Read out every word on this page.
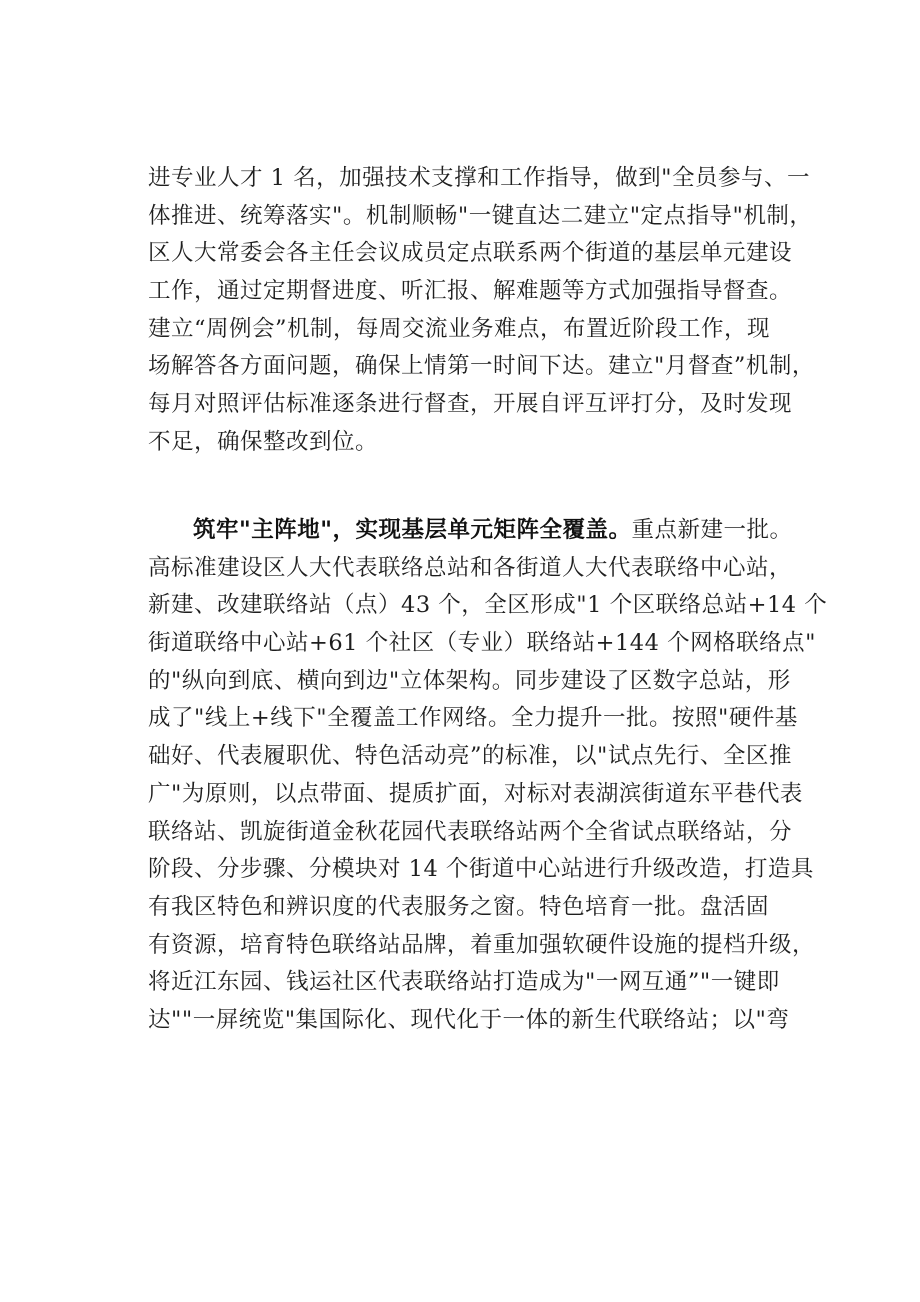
进专业人才 1 名，加强技术支撑和工作指导，做到"全员参与、一
体推进、统筹落实"。机制顺畅"一键直达二建立"定点指导"机制，
区人大常委会各主任会议成员定点联系两个街道的基层单元建设
工作，通过定期督进度、听汇报、解难题等方式加强指导督查。
建立“周例会”机制，每周交流业务难点，布置近阶段工作，现
场解答各方面问题，确保上情第一时间下达。建立"月督查”机制，
每月对照评估标准逐条进行督查，开展自评互评打分，及时发现
不足，确保整改到位。
筑牢"主阵地"，实现基层单元矩阵全覆盖。重点新建一批。
高标准建设区人大代表联络总站和各街道人大代表联络中心站，
新建、改建联络站（点）43 个，全区形成"1 个区联络总站+14 个
街道联络中心站+61 个社区（专业）联络站+144 个网格联络点"
的"纵向到底、横向到边"立体架构。同步建设了区数字总站，形
成了"线上+线下"全覆盖工作网络。全力提升一批。按照"硬件基
础好、代表履职优、特色活动亮”的标准，以"试点先行、全区推
广"为原则，以点带面、提质扩面，对标对表湖滨街道东平巷代表
联络站、凯旋街道金秋花园代表联络站两个全省试点联络站，分
阶段、分步骤、分模块对 14 个街道中心站进行升级改造，打造具
有我区特色和辨识度的代表服务之窗。特色培育一批。盘活固
有资源，培育特色联络站品牌，着重加强软硬件设施的提档升级，
将近江东园、钱运社区代表联络站打造成为"一网互通”"一键即
达""一屏统览"集国际化、现代化于一体的新生代联络站；以"弯
